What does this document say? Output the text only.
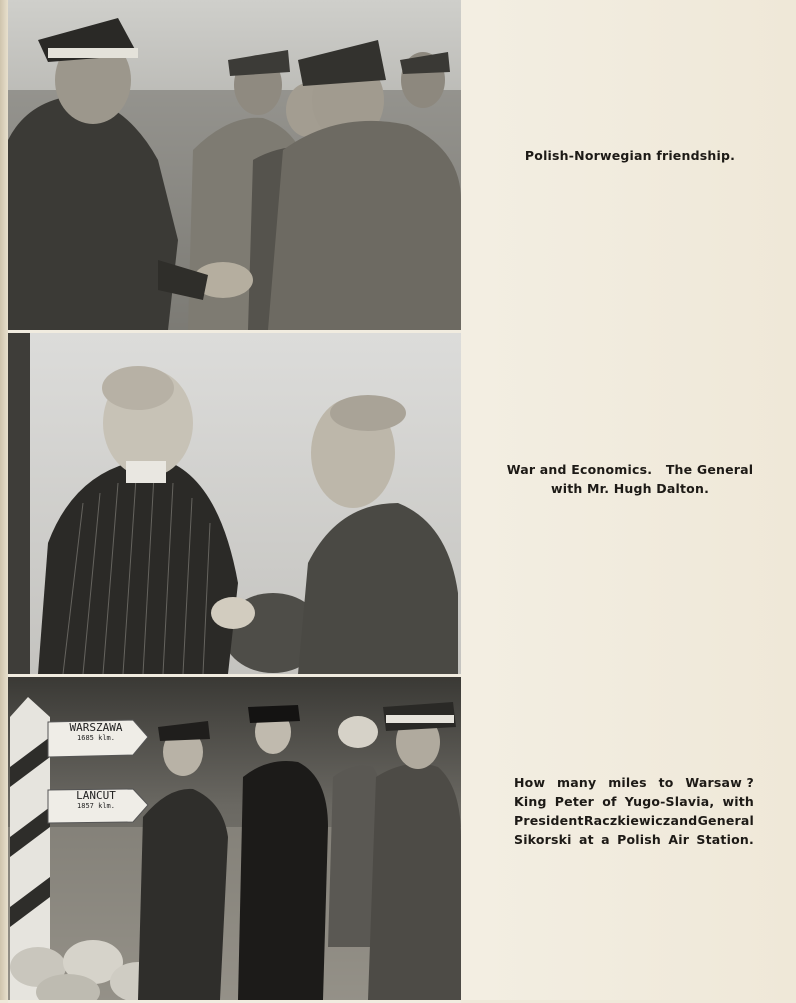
WARSZAWA
1685 klm.
LANCUT
1857 klm.
Polish-Norwegian friendship.
War and Economics.   The General
with Mr. Hugh Dalton.
How many miles to Warsaw ?
King Peter of Yugo-Slavia, with
President Raczkiewicz and General
Sikorski at a Polish Air Station.
